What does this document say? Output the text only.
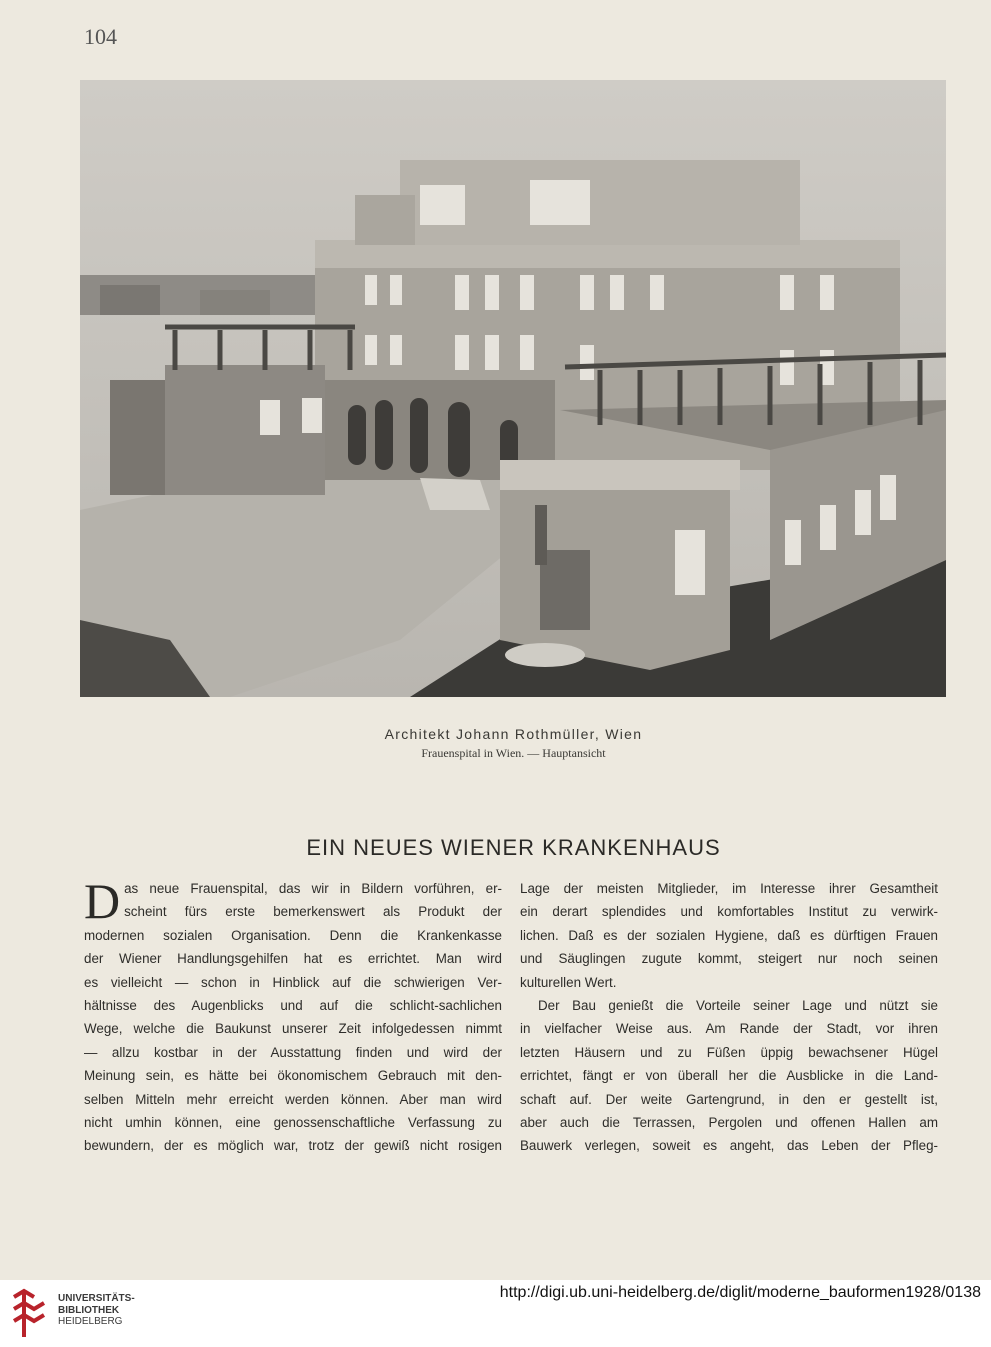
104
Architekt Johann Rothmüller, Wien
Frauenspital in Wien. — Hauptansicht
EIN NEUES WIENER KRANKENHAUS
D as neue Frauenspital, das wir in Bildern vorführen, er-
scheint fürs erste bemerkenswert als Produkt der
modernen sozialen Organisation. Denn die Krankenkasse
der Wiener Handlungsgehilfen hat es errichtet. Man wird
es vielleicht — schon in Hinblick auf die schwierigen Ver-
hältnisse des Augenblicks und auf die schlicht-sachlichen
Wege, welche die Baukunst unserer Zeit infolgedessen nimmt
— allzu kostbar in der Ausstattung finden und wird der
Meinung sein, es hätte bei ökonomischem Gebrauch mit den-
selben Mitteln mehr erreicht werden können. Aber man wird
nicht umhin können, eine genossenschaftliche Verfassung zu
bewundern, der es möglich war, trotz der gewiß nicht rosigen
Lage der meisten Mitglieder, im Interesse ihrer Gesamtheit
ein derart splendides und komfortables Institut zu verwirk-
lichen. Daß es der sozialen Hygiene, daß es dürftigen Frauen
und Säuglingen zugute kommt, steigert nur noch seinen
kulturellen Wert.
Der Bau genießt die Vorteile seiner Lage und nützt sie
in vielfacher Weise aus. Am Rande der Stadt, vor ihren
letzten Häusern und zu Füßen üppig bewachsener Hügel
errichtet, fängt er von überall her die Ausblicke in die Land-
schaft auf. Der weite Gartengrund, in den er gestellt ist,
aber auch die Terrassen, Pergolen und offenen Hallen am
Bauwerk verlegen, soweit es angeht, das Leben der Pfleg-
UNIVERSITÄTS-
BIBLIOTHEK
HEIDELBERG
http://digi.ub.uni-heidelberg.de/diglit/moderne_bauformen1928/0138
